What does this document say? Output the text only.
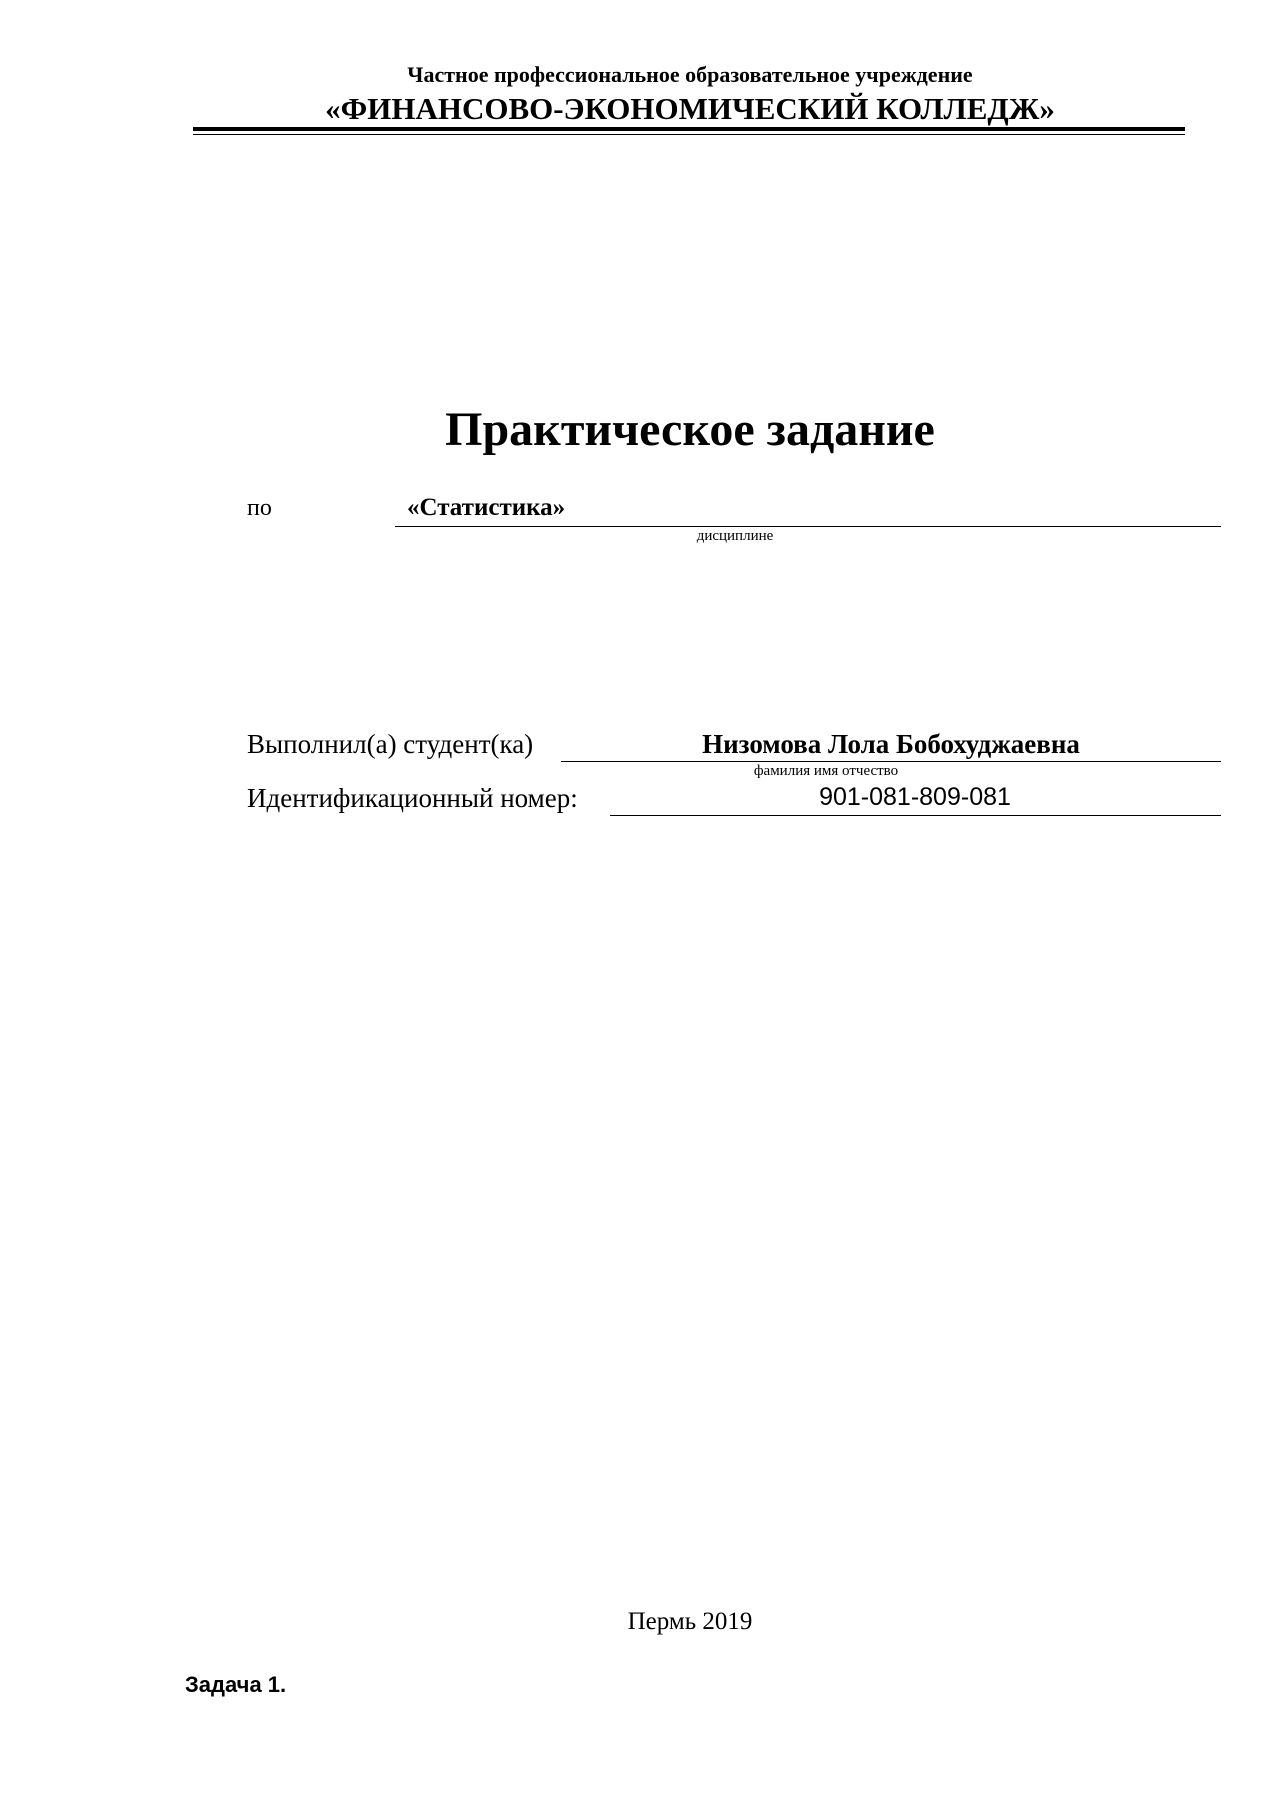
Частное профессиональное образовательное учреждение
«ФИНАНСОВО-ЭКОНОМИЧЕСКИЙ КОЛЛЕДЖ»
Практическое задание
по	«Статистика»
дисциплине
Выполнил(а) студент(ка)	Низомова Лола Бобохуджаевна
фамилия имя отчество
Идентификационный номер:	901-081-809-081
Пермь 2019
Задача 1.
